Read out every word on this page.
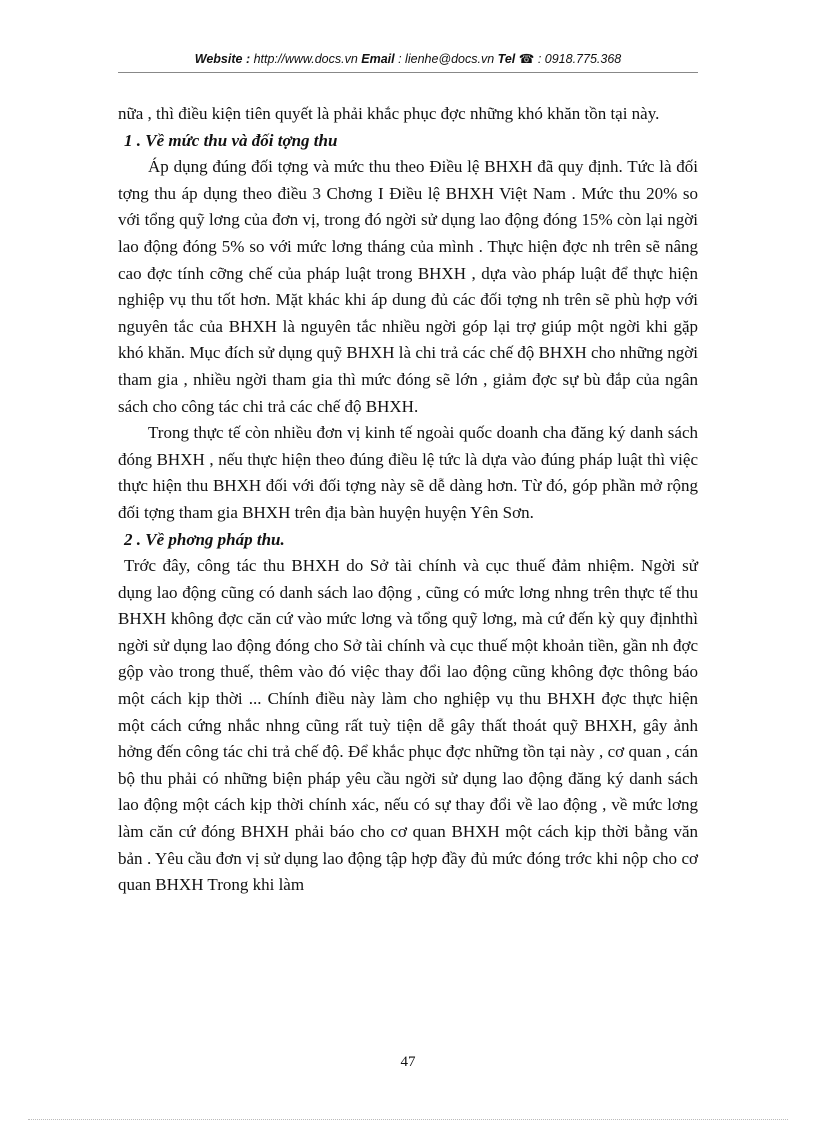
Website : http://www.docs.vn Email : lienhe@docs.vn Tel ☎ : 0918.775.368

nữa , thì điều kiện tiên quyết là phải khắc phục đợc những khó khăn tồn tại này.

1 . Về mức thu và đối tợng thu

Áp dụng đúng đối tợng và mức thu theo Điều lệ BHXH đã quy định. Tức là đối tợng thu áp dụng theo điều 3 Chơng I Điều lệ BHXH Việt Nam . Mức thu 20% so với tổng quỹ lơng của đơn vị, trong đó ngời sử dụng lao động đóng 15% còn lại ngời lao động đóng 5% so với mức lơng tháng của mình . Thực hiện đợc nh trên sẽ nâng cao đợc tính cỡng chế của pháp luật trong BHXH , dựa vào pháp luật để thực hiện nghiệp vụ thu tốt hơn. Mặt khác khi áp dung đủ các đối tợng nh trên sẽ phù hợp với nguyên tắc của BHXH là nguyên tắc nhiều ngời góp lại trợ giúp một ngời khi gặp khó khăn. Mục đích sử dụng quỹ BHXH là chi trả các chế độ BHXH cho những ngời tham gia , nhiều ngời tham gia thì mức đóng sẽ lớn , giảm đợc sự bù đắp của ngân sách cho công tác chi trả các chế độ BHXH.

Trong thực tế còn nhiều đơn vị kinh tế ngoài quốc doanh cha đăng ký danh sách đóng BHXH , nếu thực hiện theo đúng điều lệ tức là dựa vào đúng pháp luật thì việc thực hiện thu BHXH đối với đối tợng này sẽ dễ dàng hơn. Từ đó, góp phần mở rộng đối tợng tham gia BHXH trên địa bàn huyện huyện Yên Sơn.

2 . Về phơng pháp thu.

Trớc đây, công tác thu BHXH do Sở tài chính và cục thuế đảm nhiệm. Ngời sử dụng lao động cũng có danh sách lao động , cũng có mức lơng nhng trên thực tế thu BHXH không đợc căn cứ vào mức lơng và tổng quỹ lơng, mà cứ đến kỳ quy địnhthì ngời sử dụng lao động đóng cho Sở tài chính và cục thuế một khoản tiền, gần nh đợc gộp vào trong thuế, thêm vào đó việc thay đổi lao động cũng không đợc thông báo một cách kịp thời ... Chính điều này làm cho nghiệp vụ thu BHXH đợc thực hiện một cách cứng nhắc nhng cũng rất tuỳ tiện dễ gây thất thoát quỹ BHXH, gây ảnh hởng đến công tác chi trả chế độ. Để khắc phục đợc những tồn tại này , cơ quan , cán bộ thu phải có những biện pháp yêu cầu ngời sử dụng lao động đăng ký danh sách lao động một cách kịp thời chính xác, nếu có sự thay đổi về lao động , về mức lơng làm căn cứ đóng BHXH phải báo cho cơ quan BHXH một cách kịp thời bằng văn bản . Yêu cầu đơn vị sử dụng lao động tập hợp đầy đủ mức đóng trớc khi nộp cho cơ quan BHXH Trong khi làm

47
